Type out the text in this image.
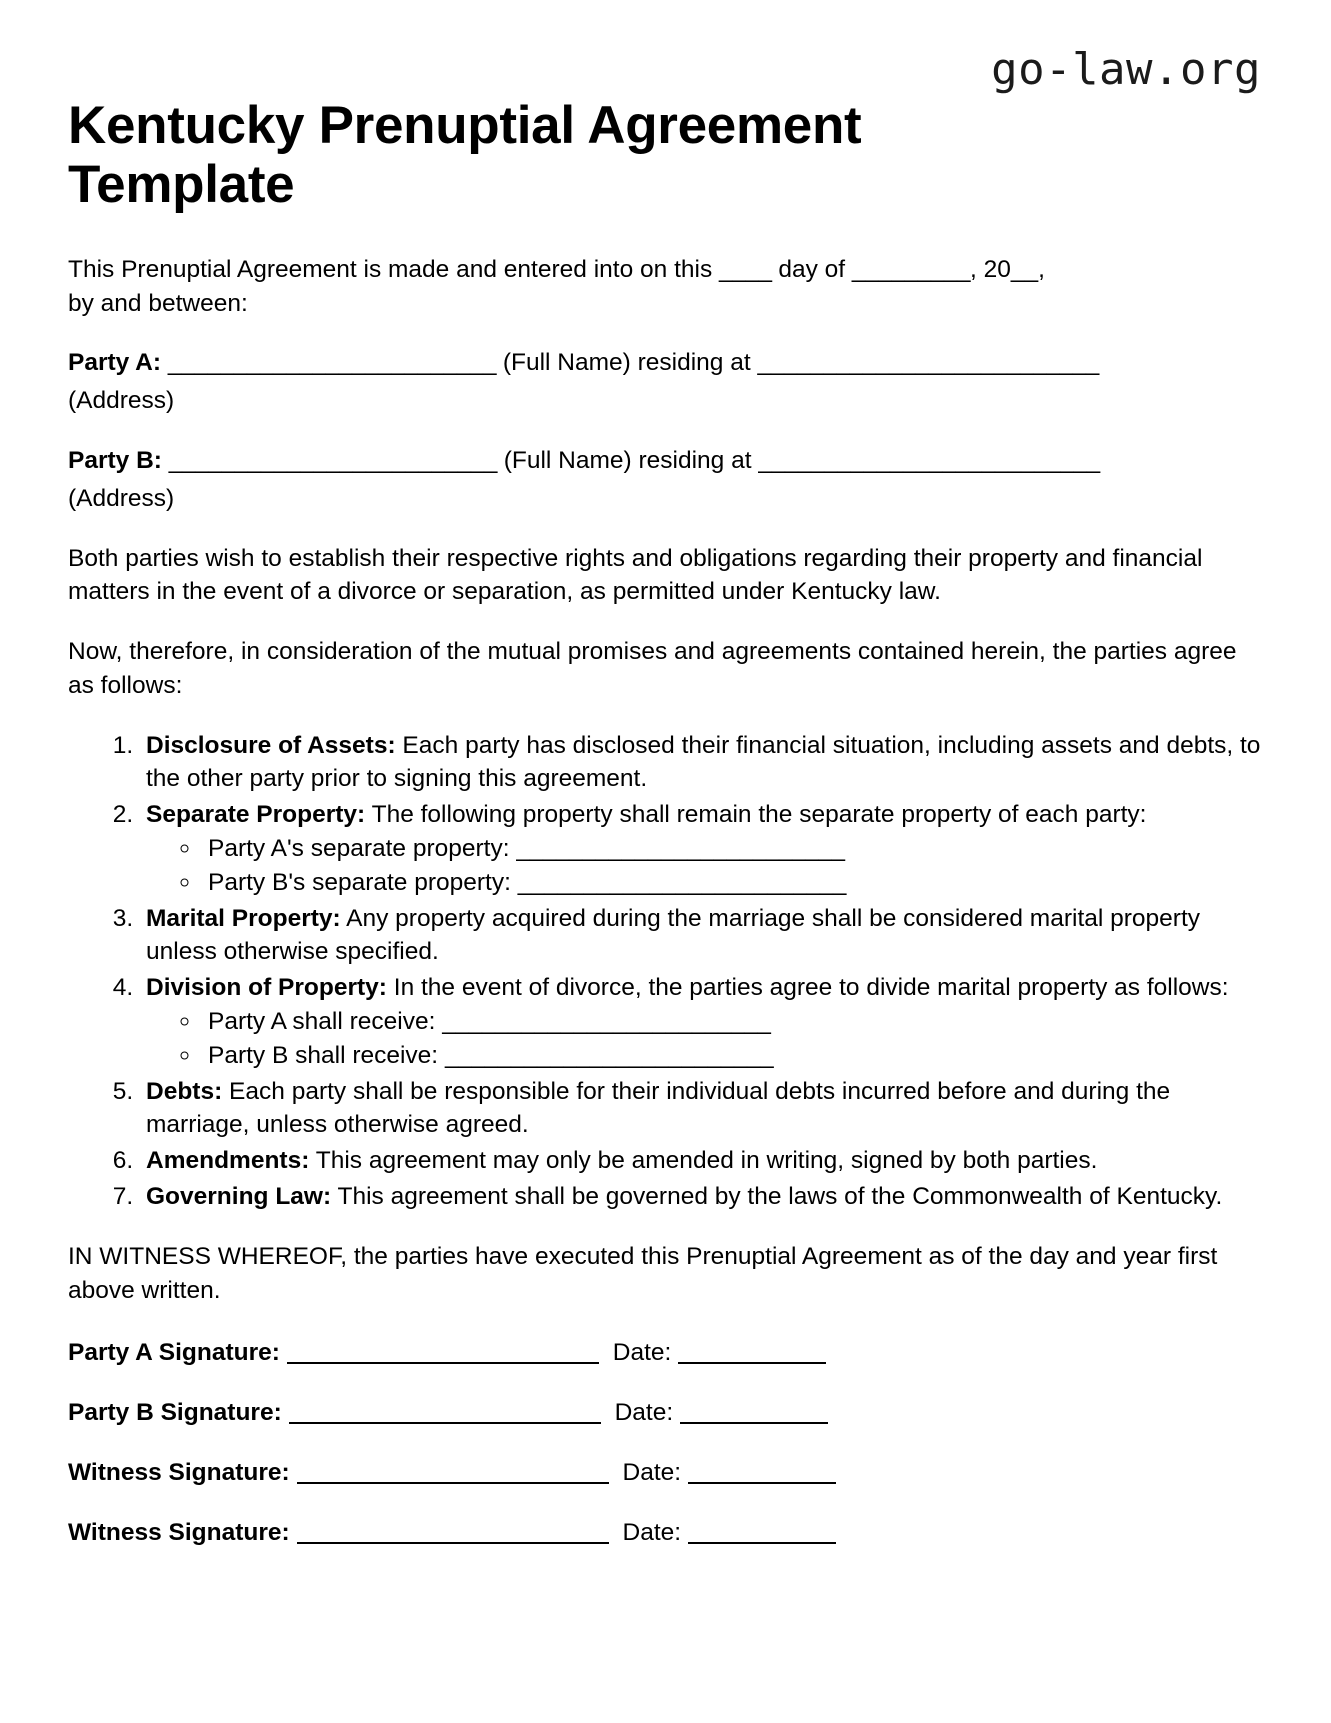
go-law.org
Kentucky Prenuptial Agreement Template

This Prenuptial Agreement is made and entered into on this ____ day of _________, 20__,
by and between:

Party A: _________________________ (Full Name) residing at __________________________

(Address)

Party B: _________________________ (Full Name) residing at __________________________

(Address)

Both parties wish to establish their respective rights and obligations regarding their property and financial matters in the event of a divorce or separation, as permitted under Kentucky law.

Now, therefore, in consideration of the mutual promises and agreements contained herein, the parties agree as follows:

1. Disclosure of Assets: Each party has disclosed their financial situation, including assets and debts, to the other party prior to signing this agreement.
2. Separate Property: The following property shall remain the separate property of each party:
◦ Party A's separate property: _________________________
◦ Party B's separate property: _________________________
3. Marital Property: Any property acquired during the marriage shall be considered marital property unless otherwise specified.
4. Division of Property: In the event of divorce, the parties agree to divide marital property as follows:
◦ Party A shall receive: _________________________
◦ Party B shall receive: _________________________
5. Debts: Each party shall be responsible for their individual debts incurred before and during the marriage, unless otherwise agreed.
6. Amendments: This agreement may only be amended in writing, signed by both parties.
7. Governing Law: This agreement shall be governed by the laws of the Commonwealth of Kentucky.

IN WITNESS WHEREOF, the parties have executed this Prenuptial Agreement as of the day and year first above written.

Party A Signature:	Date:
Party B Signature:	Date:
Witness Signature:	Date:
Witness Signature:	Date:
